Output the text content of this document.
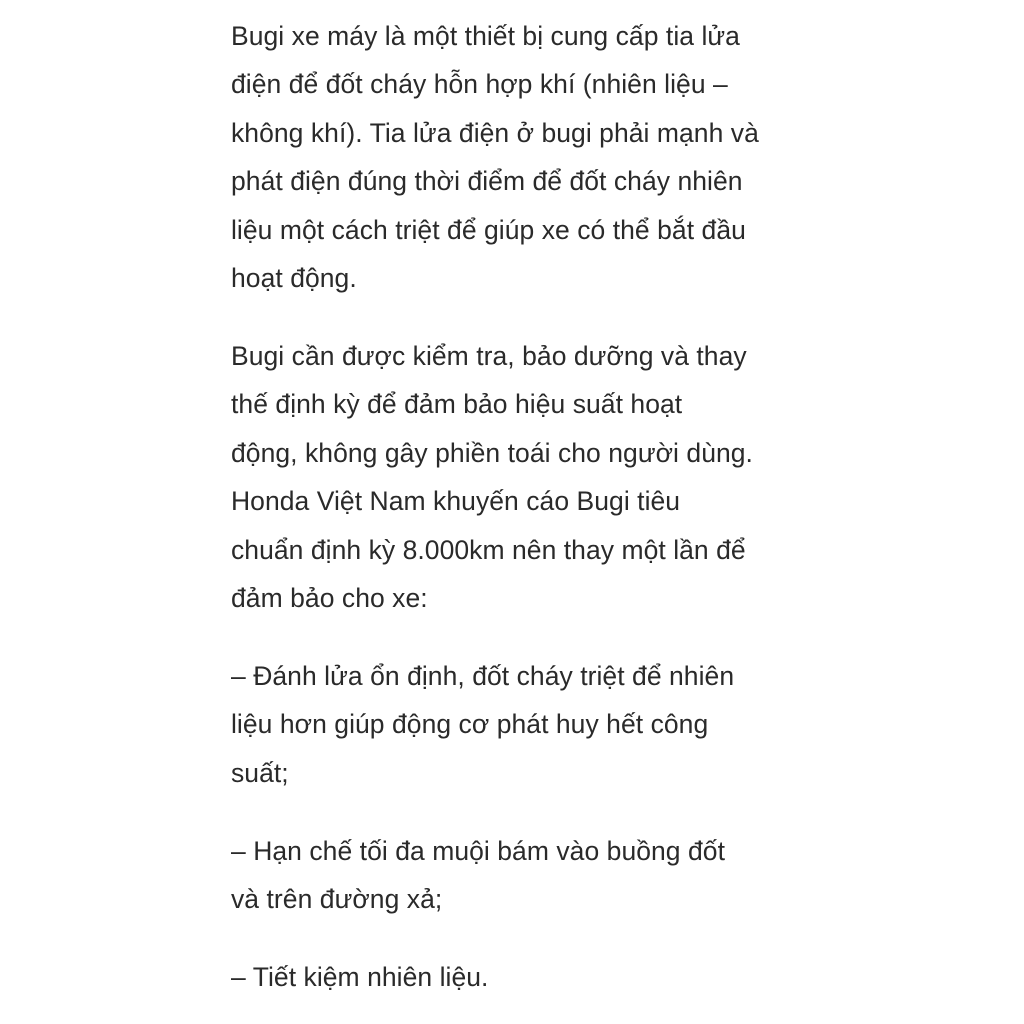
Bugi xe máy là một thiết bị cung cấp tia lửa
điện để đốt cháy hỗn hợp khí (nhiên liệu –
không khí). Tia lửa điện ở bugi phải mạnh và
phát điện đúng thời điểm để đốt cháy nhiên
liệu một cách triệt để giúp xe có thể bắt đầu
hoạt động.

Bugi cần được kiểm tra, bảo dưỡng và thay
thế định kỳ để đảm bảo hiệu suất hoạt
động, không gây phiền toái cho người dùng.
Honda Việt Nam khuyến cáo Bugi tiêu
chuẩn định kỳ 8.000km nên thay một lần để
đảm bảo cho xe:

– Đánh lửa ổn định, đốt cháy triệt để nhiên
liệu hơn giúp động cơ phát huy hết công
suất;

– Hạn chế tối đa muội bám vào buồng đốt
và trên đường xả;

– Tiết kiệm nhiên liệu.
